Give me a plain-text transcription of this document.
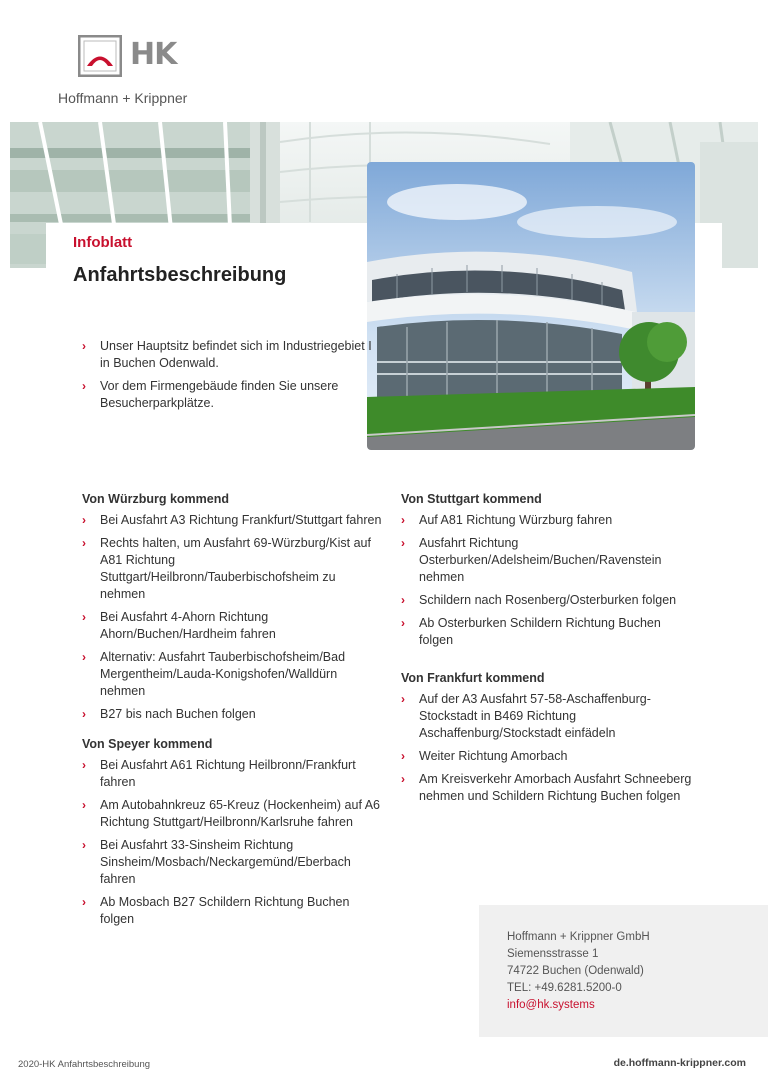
HK
Hoffmann + Krippner
Infoblatt
Anfahrtsbeschreibung
› Unser Hauptsitz befindet sich im Industriegebiet I in Buchen Odenwald.
› Vor dem Firmengebäude finden Sie unsere Besucherparkplätze.
Von Würzburg kommend
› Bei Ausfahrt A3 Richtung Frankfurt/Stuttgart fahren
› Rechts halten, um Ausfahrt 69-Würzburg/Kist auf A81 Richtung Stuttgart/Heilbronn/Tauberbischofsheim zu nehmen
› Bei Ausfahrt 4-Ahorn Richtung Ahorn/Buchen/Hardheim fahren
› Alternativ: Ausfahrt Tauberbischofsheim/Bad Mergentheim/Lauda-Konigshofen/Walldürn nehmen
› B27 bis nach Buchen folgen
Von Speyer kommend
› Bei Ausfahrt A61 Richtung Heilbronn/Frankfurt fahren
› Am Autobahnkreuz 65-Kreuz (Hockenheim) auf A6 Richtung Stuttgart/Heilbronn/Karlsruhe fahren
› Bei Ausfahrt 33-Sinsheim Richtung Sinsheim/Mosbach/Neckargemünd/Eberbach fahren
› Ab Mosbach B27 Schildern Richtung Buchen folgen
Von Stuttgart kommend
› Auf A81 Richtung Würzburg fahren
› Ausfahrt Richtung Osterburken/Adelsheim/Buchen/Ravenstein nehmen
› Schildern nach Rosenberg/Osterburken folgen
› Ab Osterburken Schildern Richtung Buchen folgen
Von Frankfurt kommend
› Auf der A3 Ausfahrt 57-58-Aschaffenburg-Stockstadt in B469 Richtung Aschaffenburg/Stockstadt einfädeln
› Weiter Richtung Amorbach
› Am Kreisverkehr Amorbach Ausfahrt Schneeberg nehmen und Schildern Richtung Buchen folgen
Hoffmann + Krippner GmbH
Siemensstrasse 1
74722 Buchen (Odenwald)
TEL: +49.6281.5200-0
info@hk.systems
2020-HK Anfahrtsbeschreibung	de.hoffmann-krippner.com
